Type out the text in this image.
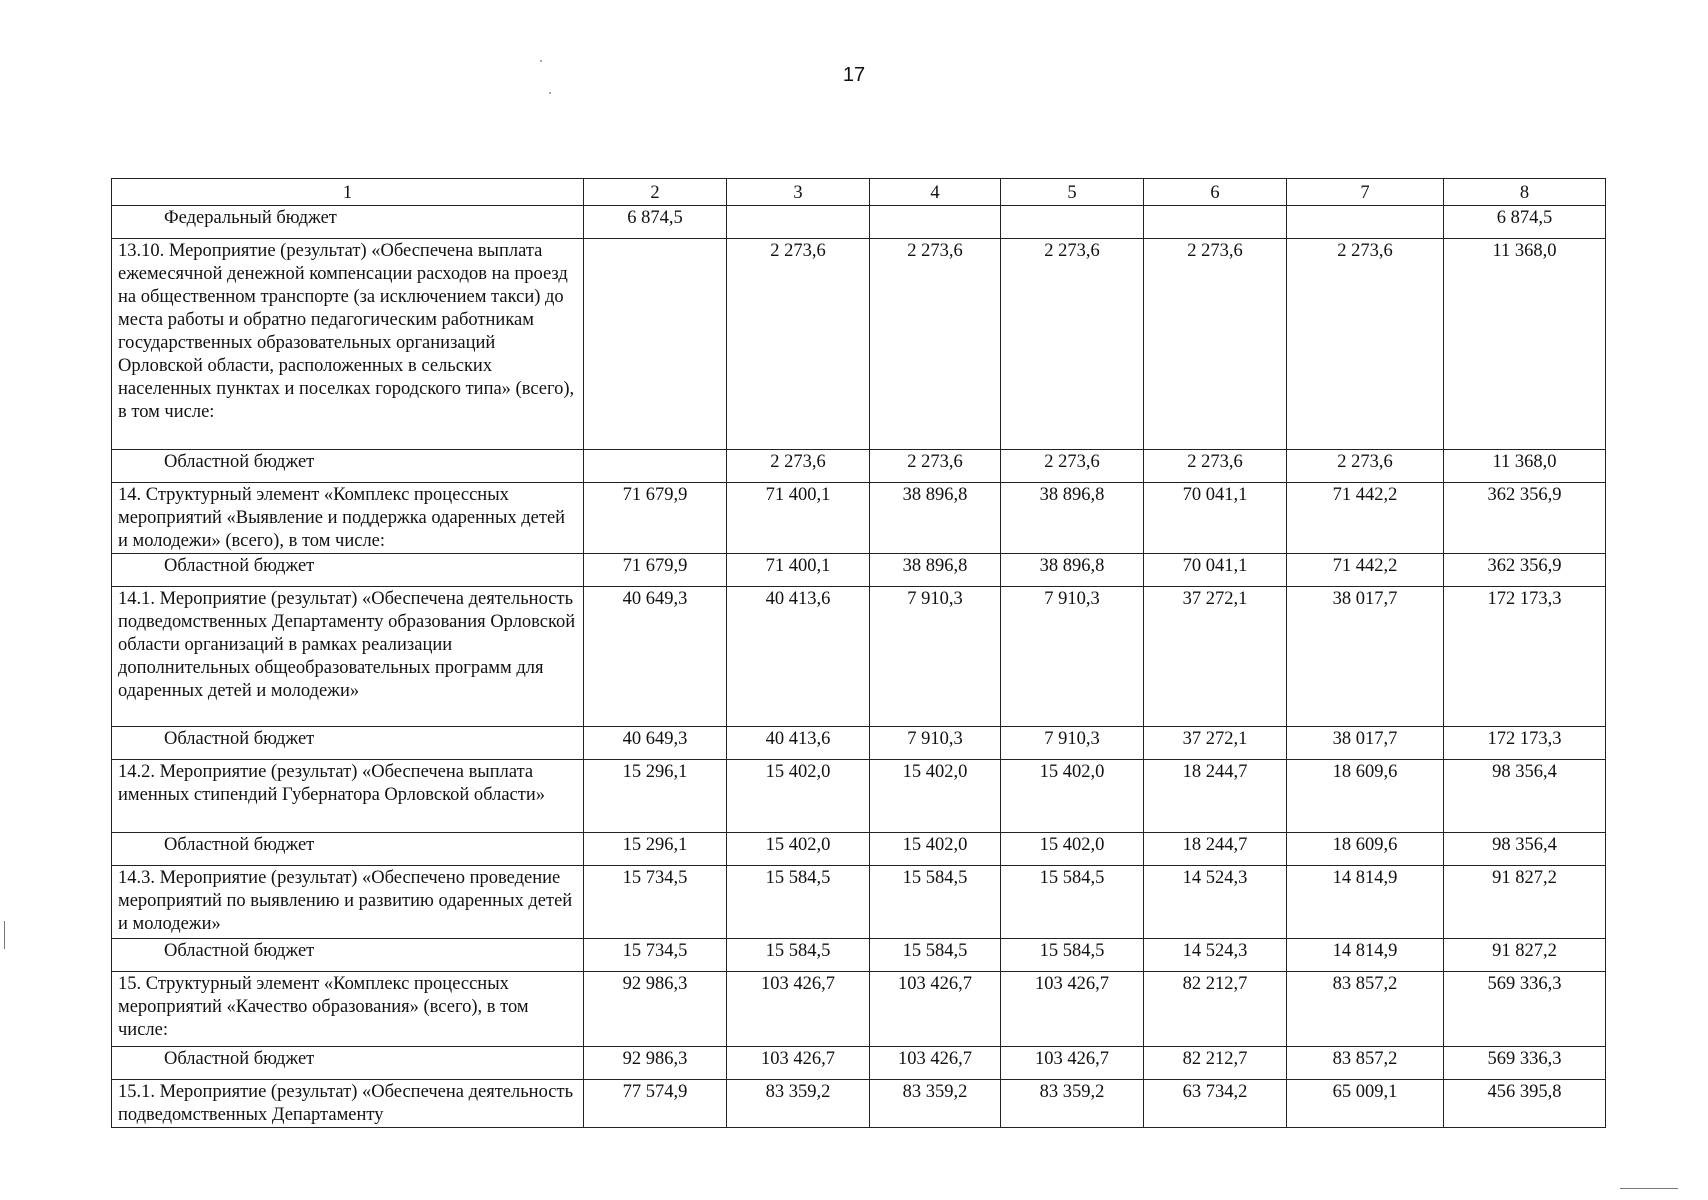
17
1	2	3	4	5	6	7	8
Федеральный бюджет	6 874,5						6 874,5
13.10. Мероприятие (результат) «Обеспечена выплата ежемесячной денежной компенсации расходов на проезд на общественном транспорте (за исключением такси) до места работы и обратно педагогическим работникам государственных образовательных организаций Орловской области, расположенных в сельских населенных пунктах и поселках городского типа» (всего), в том числе:		2 273,6	2 273,6	2 273,6	2 273,6	2 273,6	11 368,0
Областной бюджет		2 273,6	2 273,6	2 273,6	2 273,6	2 273,6	11 368,0
14. Структурный элемент «Комплекс процессных мероприятий «Выявление и поддержка одаренных детей и молодежи» (всего), в том числе:	71 679,9	71 400,1	38 896,8	38 896,8	70 041,1	71 442,2	362 356,9
Областной бюджет	71 679,9	71 400,1	38 896,8	38 896,8	70 041,1	71 442,2	362 356,9
14.1. Мероприятие (результат) «Обеспечена деятельность подведомственных Департаменту образования Орловской области организаций в рамках реализации дополнительных общеобразовательных программ для одаренных детей и молодежи»	40 649,3	40 413,6	7 910,3	7 910,3	37 272,1	38 017,7	172 173,3
Областной бюджет	40 649,3	40 413,6	7 910,3	7 910,3	37 272,1	38 017,7	172 173,3
14.2. Мероприятие (результат) «Обеспечена выплата именных стипендий Губернатора Орловской области»	15 296,1	15 402,0	15 402,0	15 402,0	18 244,7	18 609,6	98 356,4
Областной бюджет	15 296,1	15 402,0	15 402,0	15 402,0	18 244,7	18 609,6	98 356,4
14.3. Мероприятие (результат) «Обеспечено проведение мероприятий по выявлению и развитию одаренных детей и молодежи»	15 734,5	15 584,5	15 584,5	15 584,5	14 524,3	14 814,9	91 827,2
Областной бюджет	15 734,5	15 584,5	15 584,5	15 584,5	14 524,3	14 814,9	91 827,2
15. Структурный элемент «Комплекс процессных мероприятий «Качество образования» (всего), в том числе:	92 986,3	103 426,7	103 426,7	103 426,7	82 212,7	83 857,2	569 336,3
Областной бюджет	92 986,3	103 426,7	103 426,7	103 426,7	82 212,7	83 857,2	569 336,3
15.1. Мероприятие (результат) «Обеспечена деятельность подведомственных Департаменту	77 574,9	83 359,2	83 359,2	83 359,2	63 734,2	65 009,1	456 395,8
